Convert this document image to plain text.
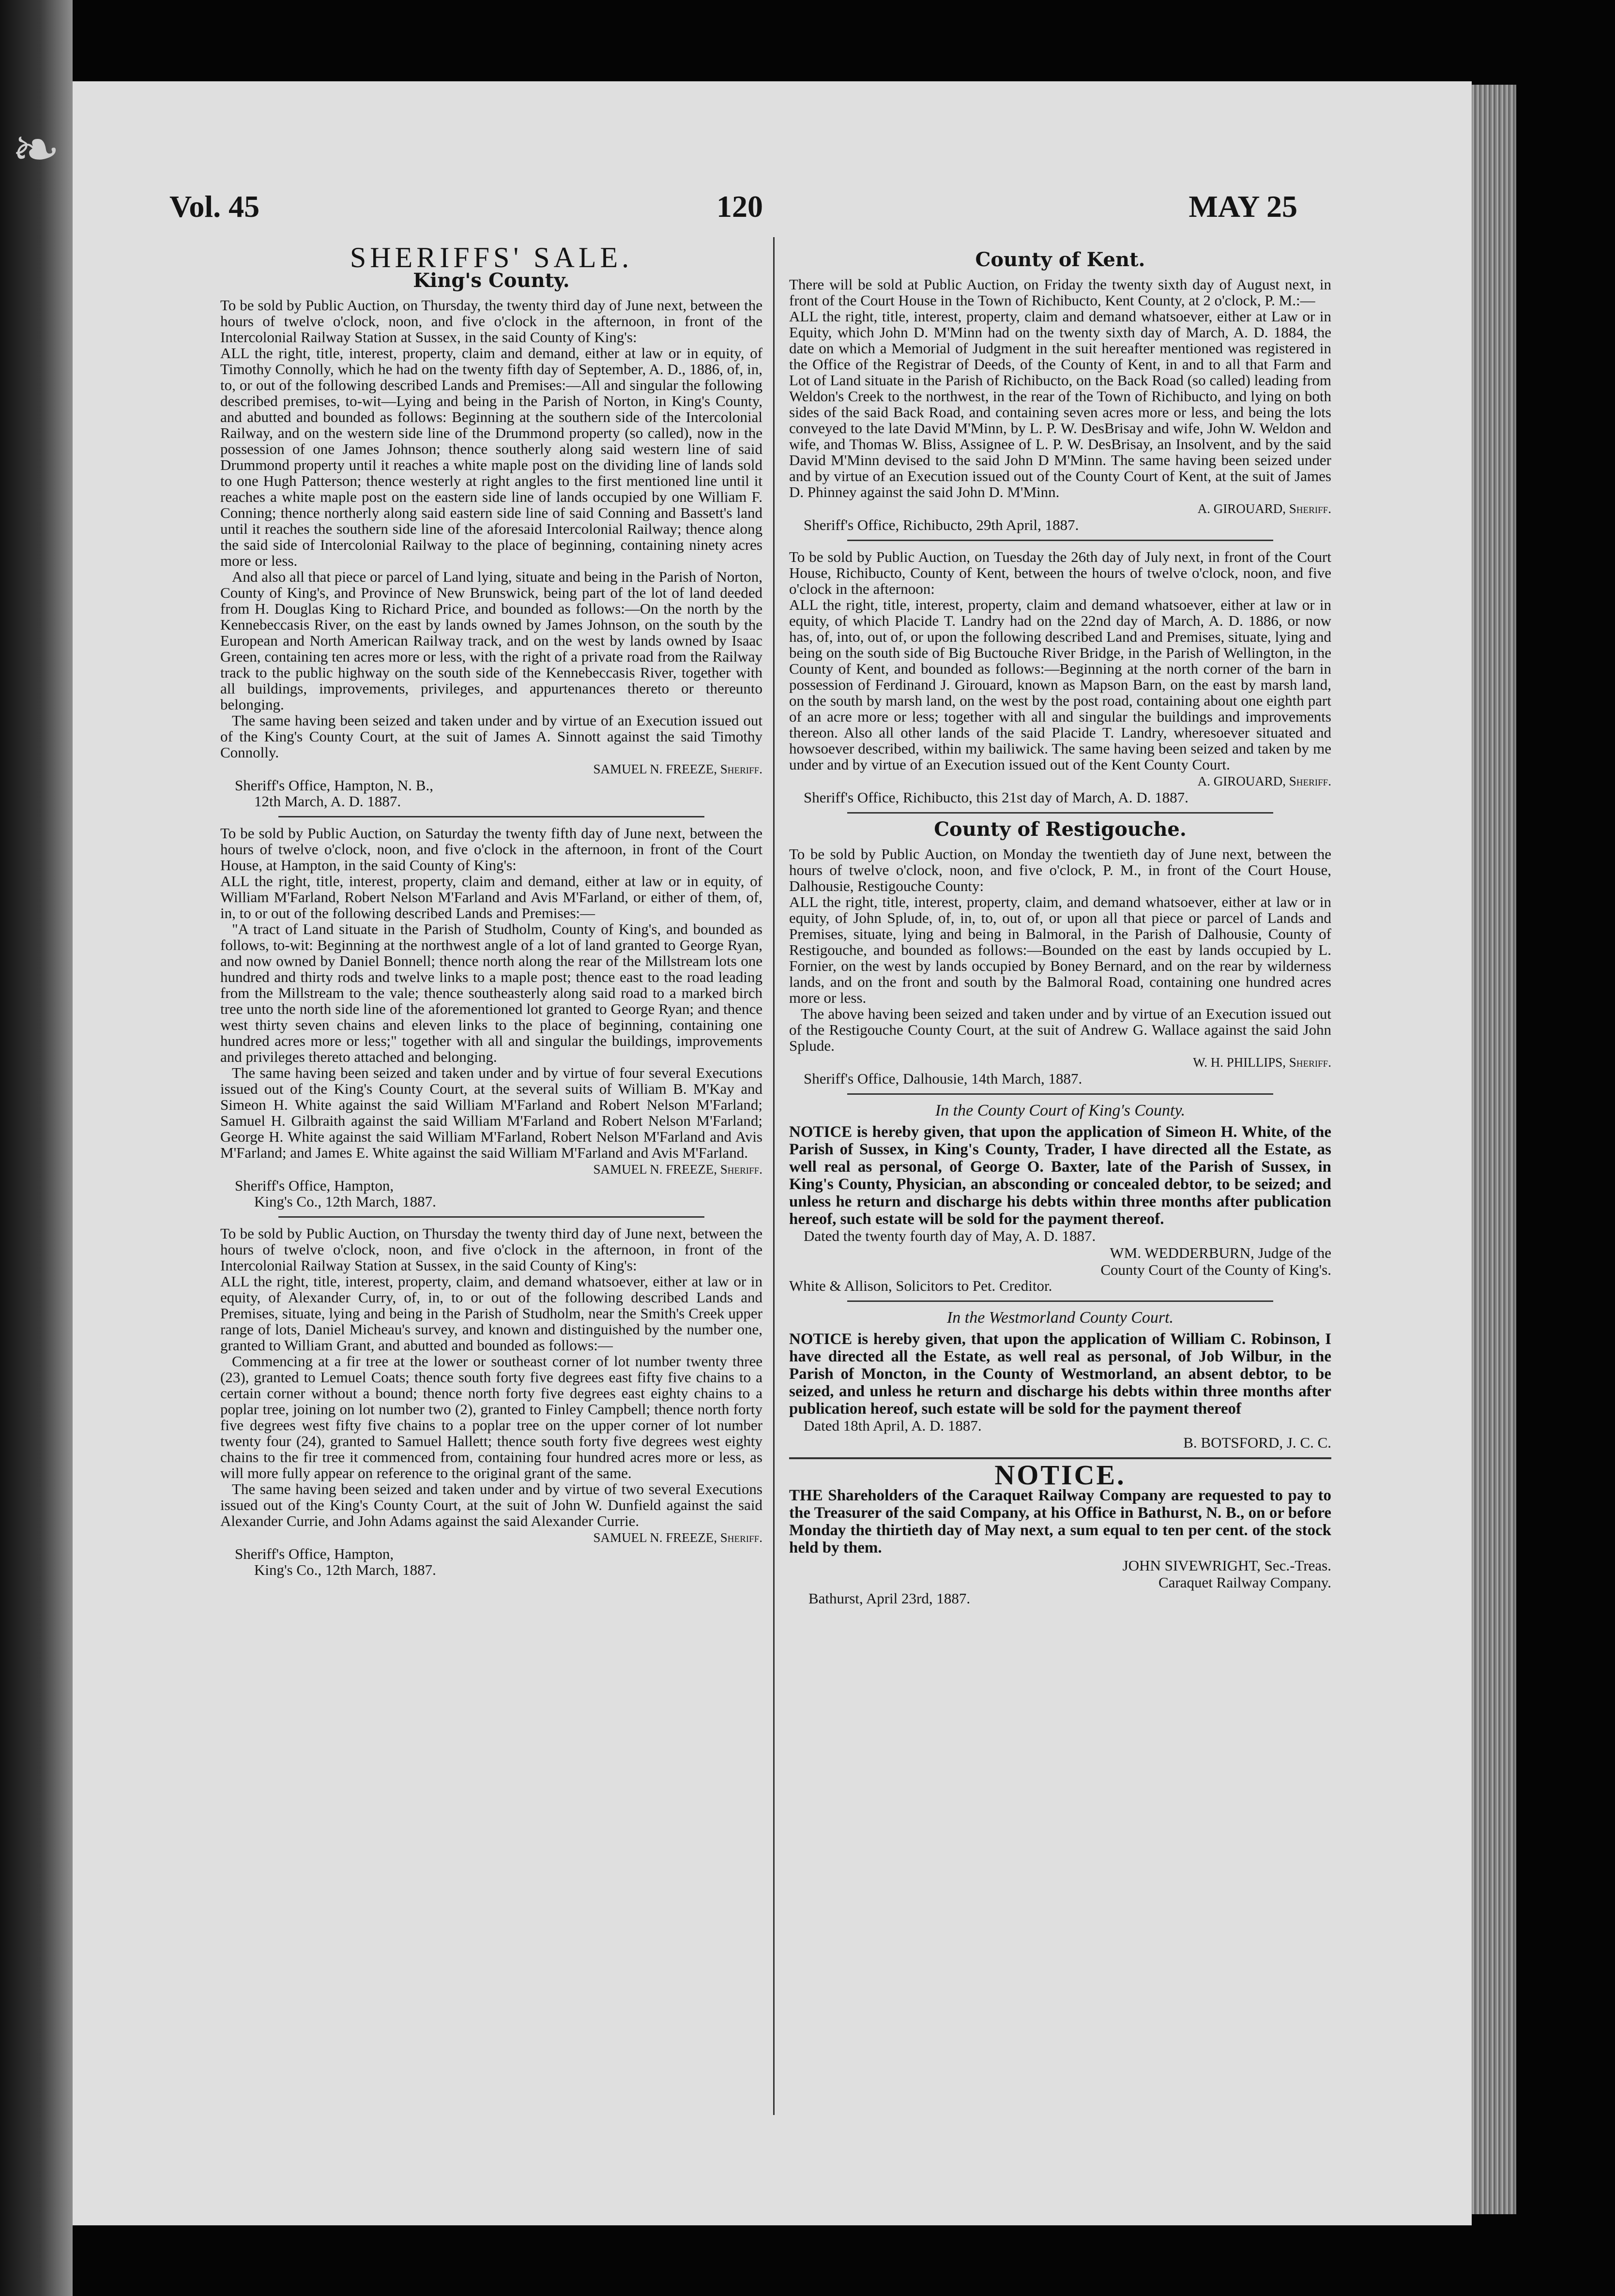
❧
Vol. 45	120	MAY 25
SHERIFFS' SALE.
King's County.

To be sold by Public Auction, on Thursday, the twenty third day of June next, between the hours of twelve o'clock, noon, and five o'clock in the afternoon, in front of the Intercolonial Railway Station at Sussex, in the said County of King's:

ALL the right, title, interest, property, claim and demand, either at law or in equity, of Timothy Connolly, which he had on the twenty fifth day of September, A. D., 1886, of, in, to, or out of the following described Lands and Premises:—All and singular the following described premises, to-wit—Lying and being in the Parish of Norton, in King's County, and abutted and bounded as follows: Beginning at the southern side of the Intercolonial Railway, and on the western side line of the Drummond property (so called), now in the possession of one James Johnson; thence southerly along said western line of said Drummond property until it reaches a white maple post on the dividing line of lands sold to one Hugh Patterson; thence westerly at right angles to the first mentioned line until it reaches a white maple post on the eastern side line of lands occupied by one William F. Conning; thence northerly along said eastern side line of said Conning and Bassett's land until it reaches the southern side line of the aforesaid Intercolonial Railway; thence along the said side of Intercolonial Railway to the place of beginning, containing ninety acres more or less.

And also all that piece or parcel of Land lying, situate and being in the Parish of Norton, County of King's, and Province of New Brunswick, being part of the lot of land deeded from H. Douglas King to Richard Price, and bounded as follows:—On the north by the Kennebeccasis River, on the east by lands owned by James Johnson, on the south by the European and North American Railway track, and on the west by lands owned by Isaac Green, containing ten acres more or less, with the right of a private road from the Railway track to the public highway on the south side of the Kennebeccasis River, together with all buildings, improvements, privileges, and appurtenances thereto or thereunto belonging.

The same having been seized and taken under and by virtue of an Execution issued out of the King's County Court, at the suit of James A. Sinnott against the said Timothy Connolly.

SAMUEL N. FREEZE, Sheriff.
Sheriff's Office, Hampton, N. B.,
12th March, A. D. 1887.

To be sold by Public Auction, on Saturday the twenty fifth day of June next, between the hours of twelve o'clock, noon, and five o'clock in the afternoon, in front of the Court House, at Hampton, in the said County of King's:

ALL the right, title, interest, property, claim and demand, either at law or in equity, of William M'Farland, Robert Nelson M'Farland and Avis M'Farland, or either of them, of, in, to or out of the following described Lands and Premises:—

"A tract of Land situate in the Parish of Studholm, County of King's, and bounded as follows, to-wit: Beginning at the northwest angle of a lot of land granted to George Ryan, and now owned by Daniel Bonnell; thence north along the rear of the Millstream lots one hundred and thirty rods and twelve links to a maple post; thence east to the road leading from the Millstream to the vale; thence southeasterly along said road to a marked birch tree unto the north side line of the aforementioned lot granted to George Ryan; and thence west thirty seven chains and eleven links to the place of beginning, containing one hundred acres more or less;" together with all and singular the buildings, improvements and privileges thereto attached and belonging.

The same having been seized and taken under and by virtue of four several Executions issued out of the King's County Court, at the several suits of William B. M'Kay and Simeon H. White against the said William M'Farland and Robert Nelson M'Farland; Samuel H. Gilbraith against the said William M'Farland and Robert Nelson M'Farland; George H. White against the said William M'Farland, Robert Nelson M'Farland and Avis M'Farland; and James E. White against the said William M'Farland and Avis M'Farland.

SAMUEL N. FREEZE, Sheriff.
Sheriff's Office, Hampton,
King's Co., 12th March, 1887.

To be sold by Public Auction, on Thursday the twenty third day of June next, between the hours of twelve o'clock, noon, and five o'clock in the afternoon, in front of the Intercolonial Railway Station at Sussex, in the said County of King's:

ALL the right, title, interest, property, claim, and demand whatsoever, either at law or in equity, of Alexander Curry, of, in, to or out of the following described Lands and Premises, situate, lying and being in the Parish of Studholm, near the Smith's Creek upper range of lots, Daniel Micheau's survey, and known and distinguished by the number one, granted to William Grant, and abutted and bounded as follows:—

Commencing at a fir tree at the lower or southeast corner of lot number twenty three (23), granted to Lemuel Coats; thence south forty five degrees east fifty five chains to a certain corner without a bound; thence north forty five degrees east eighty chains to a poplar tree, joining on lot number two (2), granted to Finley Campbell; thence north forty five degrees west fifty five chains to a poplar tree on the upper corner of lot number twenty four (24), granted to Samuel Hallett; thence south forty five degrees west eighty chains to the fir tree it commenced from, containing four hundred acres more or less, as will more fully appear on reference to the original grant of the same.

The same having been seized and taken under and by virtue of two several Executions issued out of the King's County Court, at the suit of John W. Dunfield against the said Alexander Currie, and John Adams against the said Alexander Currie.

SAMUEL N. FREEZE, Sheriff.
Sheriff's Office, Hampton,
King's Co., 12th March, 1887.
County of Kent.

There will be sold at Public Auction, on Friday the twenty sixth day of August next, in front of the Court House in the Town of Richibucto, Kent County, at 2 o'clock, P. M.:—

ALL the right, title, interest, property, claim and demand whatsoever, either at Law or in Equity, which John D. M'Minn had on the twenty sixth day of March, A. D. 1884, the date on which a Memorial of Judgment in the suit hereafter mentioned was registered in the Office of the Registrar of Deeds, of the County of Kent, in and to all that Farm and Lot of Land situate in the Parish of Richibucto, on the Back Road (so called) leading from Weldon's Creek to the northwest, in the rear of the Town of Richibucto, and lying on both sides of the said Back Road, and containing seven acres more or less, and being the lots conveyed to the late David M'Minn, by L. P. W. DesBrisay and wife, John W. Weldon and wife, and Thomas W. Bliss, Assignee of L. P. W. DesBrisay, an Insolvent, and by the said David M'Minn devised to the said John D M'Minn. The same having been seized under and by virtue of an Execution issued out of the County Court of Kent, at the suit of James D. Phinney against the said John D. M'Minn.

A. GIROUARD, Sheriff.
Sheriff's Office, Richibucto, 29th April, 1887.

To be sold by Public Auction, on Tuesday the 26th day of July next, in front of the Court House, Richibucto, County of Kent, between the hours of twelve o'clock, noon, and five o'clock in the afternoon:

ALL the right, title, interest, property, claim and demand whatsoever, either at law or in equity, of which Placide T. Landry had on the 22nd day of March, A. D. 1886, or now has, of, into, out of, or upon the following described Land and Premises, situate, lying and being on the south side of Big Buctouche River Bridge, in the Parish of Wellington, in the County of Kent, and bounded as follows:—Beginning at the north corner of the barn in possession of Ferdinand J. Girouard, known as Mapson Barn, on the east by marsh land, on the south by marsh land, on the west by the post road, containing about one eighth part of an acre more or less; together with all and singular the buildings and improvements thereon. Also all other lands of the said Placide T. Landry, wheresoever situated and howsoever described, within my bailiwick. The same having been seized and taken by me under and by virtue of an Execution issued out of the Kent County Court.

A. GIROUARD, Sheriff.
Sheriff's Office, Richibucto, this 21st day of March, A. D. 1887.
County of Restigouche.

To be sold by Public Auction, on Monday the twentieth day of June next, between the hours of twelve o'clock, noon, and five o'clock, P. M., in front of the Court House, Dalhousie, Restigouche County:

ALL the right, title, interest, property, claim, and demand whatsoever, either at law or in equity, of John Splude, of, in, to, out of, or upon all that piece or parcel of Lands and Premises, situate, lying and being in Balmoral, in the Parish of Dalhousie, County of Restigouche, and bounded as follows:—Bounded on the east by lands occupied by L. Fornier, on the west by lands occupied by Boney Bernard, and on the rear by wilderness lands, and on the front and south by the Balmoral Road, containing one hundred acres more or less.

The above having been seized and taken under and by virtue of an Execution issued out of the Restigouche County Court, at the suit of Andrew G. Wallace against the said John Splude.

W. H. PHILLIPS, Sheriff.
Sheriff's Office, Dalhousie, 14th March, 1887.
In the County Court of King's County.

NOTICE is hereby given, that upon the application of Simeon H. White, of the Parish of Sussex, in King's County, Trader, I have directed all the Estate, as well real as personal, of George O. Baxter, late of the Parish of Sussex, in King's County, Physician, an absconding or concealed debtor, to be seized; and unless he return and discharge his debts within three months after publication hereof, such estate will be sold for the payment thereof.

Dated the twenty fourth day of May, A. D. 1887.
WM. WEDDERBURN, Judge of the
County Court of the County of King's.
White & Allison, Solicitors to Pet. Creditor.
In the Westmorland County Court.

NOTICE is hereby given, that upon the application of William C. Robinson, I have directed all the Estate, as well real as personal, of Job Wilbur, in the Parish of Moncton, in the County of Westmorland, an absent debtor, to be seized, and unless he return and discharge his debts within three months after publication hereof, such estate will be sold for the payment thereof

Dated 18th April, A. D. 1887.
B. BOTSFORD, J. C. C.
NOTICE.

THE Shareholders of the Caraquet Railway Company are requested to pay to the Treasurer of the said Company, at his Office in Bathurst, N. B., on or before Monday the thirtieth day of May next, a sum equal to ten per cent. of the stock held by them.

JOHN SIVEWRIGHT, Sec.-Treas.
Caraquet Railway Company.
Bathurst, April 23rd, 1887.
